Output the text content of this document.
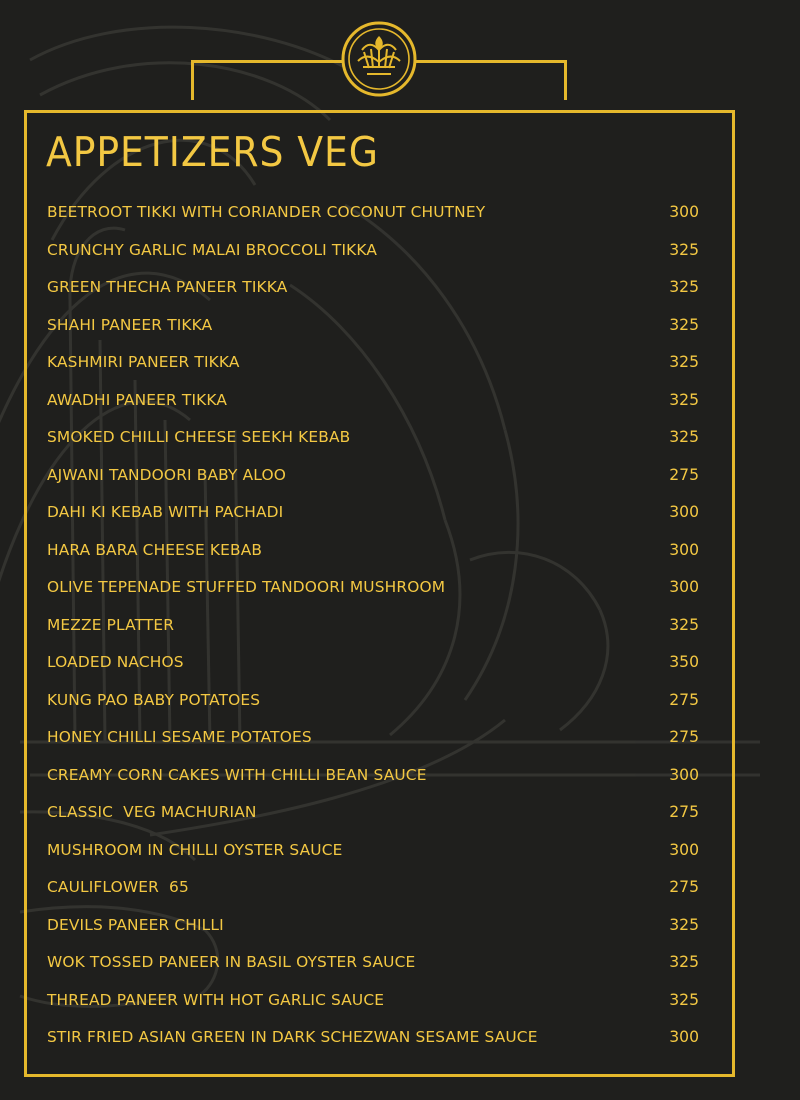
APPETIZERS VEG
BEETROOT TIKKI WITH CORIANDER COCONUT CHUTNEY	300
CRUNCHY GARLIC MALAI BROCCOLI TIKKA	325
GREEN THECHA PANEER TIKKA	325
SHAHI PANEER TIKKA	325
KASHMIRI PANEER TIKKA	325
AWADHI PANEER TIKKA	325
SMOKED CHILLI CHEESE SEEKH KEBAB	325
AJWANI TANDOORI BABY ALOO	275
DAHI KI KEBAB WITH PACHADI	300
HARA BARA CHEESE KEBAB	300
OLIVE TEPENADE STUFFED TANDOORI MUSHROOM	300
MEZZE PLATTER	325
LOADED NACHOS	350
KUNG PAO BABY POTATOES	275
HONEY CHILLI SESAME POTATOES	275
CREAMY CORN CAKES WITH CHILLI BEAN SAUCE	300
CLASSIC  VEG MACHURIAN	275
MUSHROOM IN CHILLI OYSTER SAUCE	300
CAULIFLOWER  65	275
DEVILS PANEER CHILLI	325
WOK TOSSED PANEER IN BASIL OYSTER SAUCE	325
THREAD PANEER WITH HOT GARLIC SAUCE	325
STIR FRIED ASIAN GREEN IN DARK SCHEZWAN SESAME SAUCE	300
